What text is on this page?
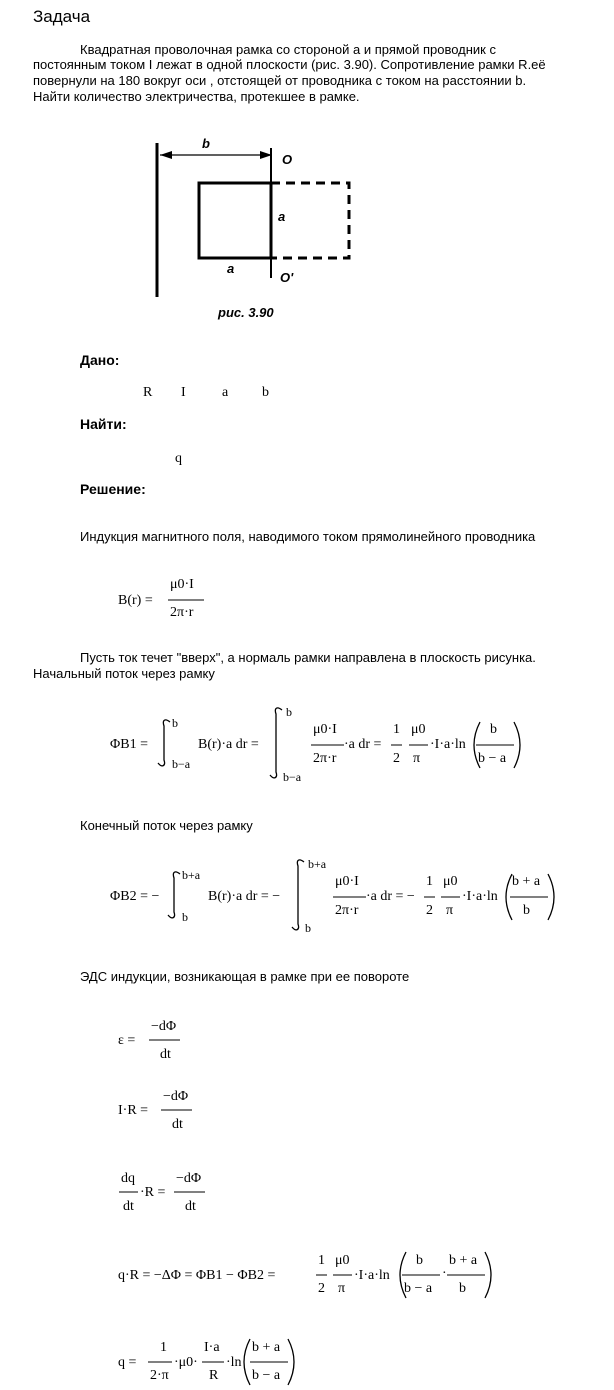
Задача
Квадратная проволочная рамка со стороной а и прямой проводник с
постоянным током I лежат в одной плоскости (рис. 3.90). Сопротивление рамки R.её
повернули на 180 вокруг оси , отстоящей от проводника с током на расстоянии b.
Найти количество электричества, протекшее в рамке.
b
O
a
a
O'
рис. 3.90
Дано:
R I	a b
Найти:
q
Решение:
Индукция магнитного поля, наводимого током прямолинейного проводника
B(r) =
μ0·I
2π·r
Пусть ток течет "вверх", а нормаль рамки направлена в плоскость рисунка.
Начальный поток через рамку
ΦB1 =
b
b−a
B(r)·a dr =
b
b−a
μ0·I
2π·r
·a dr =
1
2
μ0
π
·I·a·ln
b
b − a
Конечный поток через рамку
ΦB2 = −
b+a
b
B(r)·a dr = −
b+a
b
μ0·I
2π·r
·a dr = −
1
2
μ0
π
·I·a·ln
b + a
b
ЭДС индукции, возникающая в рамке при ее повороте
ε =
−dΦ
dt
I·R =
−dΦ
dt
dq
dt
·R =
−dΦ
dt
q·R = −ΔΦ = ΦB1 − ΦB2 =
1
2
μ0
π
·I·a·ln
b
b − a
·
b + a
b
q =
1
2·π
·μ0·
I·a
R
·ln
b + a
b − a
